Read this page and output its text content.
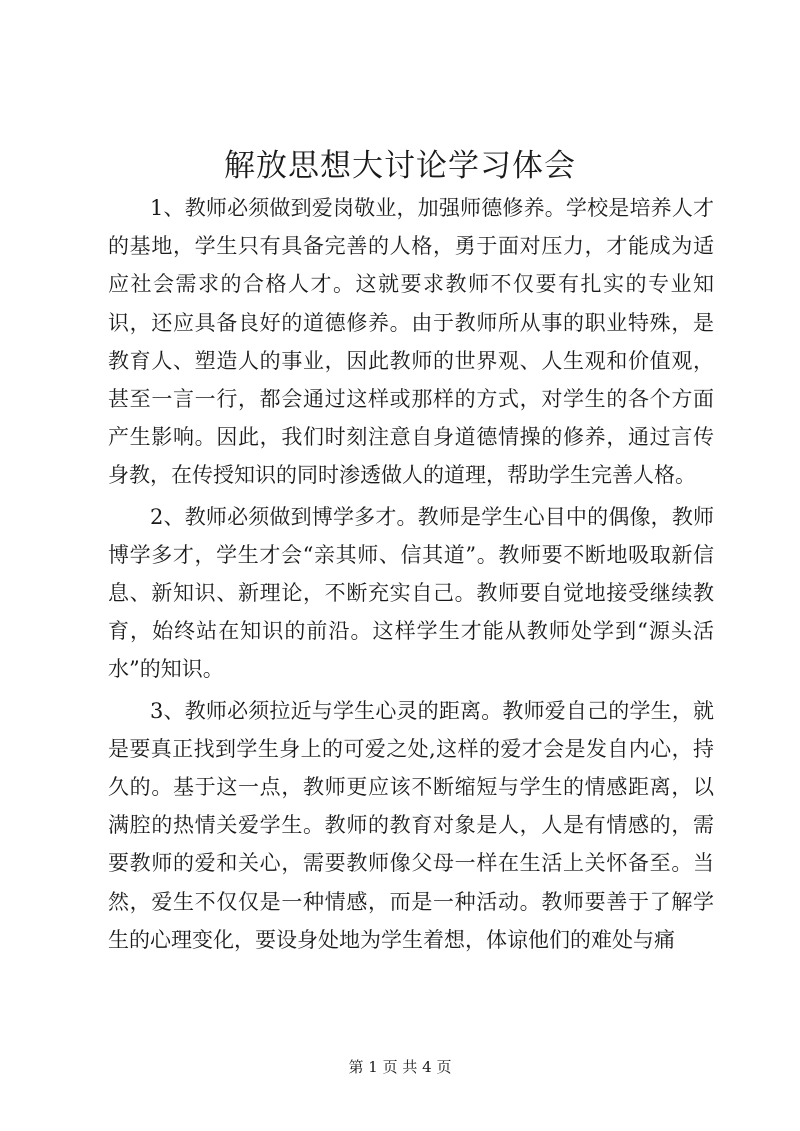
解放思想大讨论学习体会

1、教师必须做到爱岗敬业，加强师德修养。学校是培养人才的基地，学生只有具备完善的人格，勇于面对压力，才能成为适应社会需求的合格人才。这就要求教师不仅要有扎实的专业知识，还应具备良好的道德修养。由于教师所从事的职业特殊，是教育人、塑造人的事业，因此教师的世界观、人生观和价值观，甚至一言一行，都会通过这样或那样的方式，对学生的各个方面产生影响。因此，我们时刻注意自身道德情操的修养，通过言传身教，在传授知识的同时渗透做人的道理，帮助学生完善人格。

2、教师必须做到博学多才。教师是学生心目中的偶像，教师博学多才，学生才会“亲其师、信其道”。教师要不断地吸取新信息、新知识、新理论，不断充实自己。教师要自觉地接受继续教育，始终站在知识的前沿。这样学生才能从教师处学到“源头活水”的知识。

3、教师必须拉近与学生心灵的距离。教师爱自己的学生，就是要真正找到学生身上的可爱之处,这样的爱才会是发自内心，持久的。基于这一点，教师更应该不断缩短与学生的情感距离，以满腔的热情关爱学生。教师的教育对象是人，人是有情感的，需要教师的爱和关心，需要教师像父母一样在生活上关怀备至。当然，爱生不仅仅是一种情感，而是一种活动。教师要善于了解学生的心理变化，要设身处地为学生着想，体谅他们的难处与痛

第 1 页 共 4 页
